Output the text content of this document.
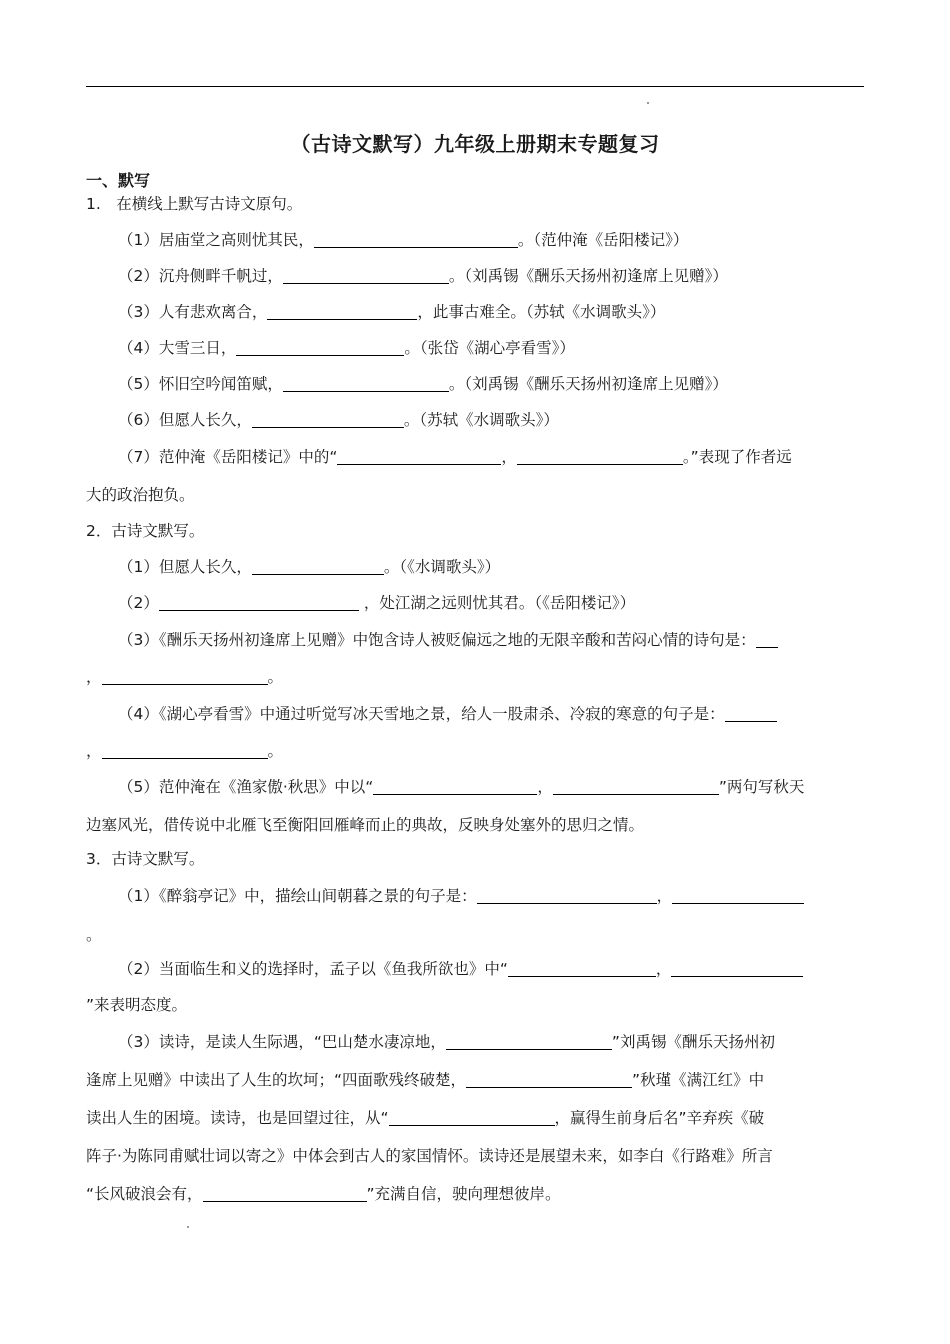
（古诗文默写）九年级上册期末专题复习
一、默写
1.　在横线上默写古诗文原句。
（1）居庙堂之高则忧其民，	。（范仲淹《岳阳楼记》）
（2）沉舟侧畔千帆过，	。（刘禹锡《酬乐天扬州初逢席上见赠》）
（3）人有悲欢离合，	，此事古难全。（苏轼《水调歌头》）
（4）大雪三日，	。（张岱《湖心亭看雪》）
（5）怀旧空吟闻笛赋，	。（刘禹锡《酬乐天扬州初逢席上见赠》）
（6）但愿人长久，	。（苏轼《水调歌头》）
（7）范仲淹《岳阳楼记》中的“	，	。”表现了作者远
大的政治抱负。
2．古诗文默写。
（1）但愿人长久，	。（《水调歌头》）
（2）	，处江湖之远则忧其君。（《岳阳楼记》）
（3）《酬乐天扬州初逢席上见赠》中饱含诗人被贬偏远之地的无限辛酸和苦闷心情的诗句是：
，	。
（4）《湖心亭看雪》中通过听觉写冰天雪地之景，给人一股肃杀、冷寂的寒意的句子是：
，	。
（5）范仲淹在《渔家傲·秋思》中以“	，	”两句写秋天
边塞风光，借传说中北雁飞至衡阳回雁峰而止的典故，反映身处塞外的思归之情。
3．古诗文默写。
（1）《醉翁亭记》中，描绘山间朝暮之景的句子是：	，
。
（2）当面临生和义的选择时，孟子以《鱼我所欲也》中“	，
”来表明态度。
（3）读诗，是读人生际遇，“巴山楚水凄凉地，	”刘禹锡《酬乐天扬州初
逢席上见赠》中读出了人生的坎坷；“四面歌残终破楚，	”秋瑾《满江红》中
读出人生的困境。读诗，也是回望过往，从“	，赢得生前身后名”辛弃疾《破
阵子·为陈同甫赋壮词以寄之》中体会到古人的家国情怀。读诗还是展望未来，如李白《行路难》所言
“长风破浪会有，	”充满自信，驶向理想彼岸。
